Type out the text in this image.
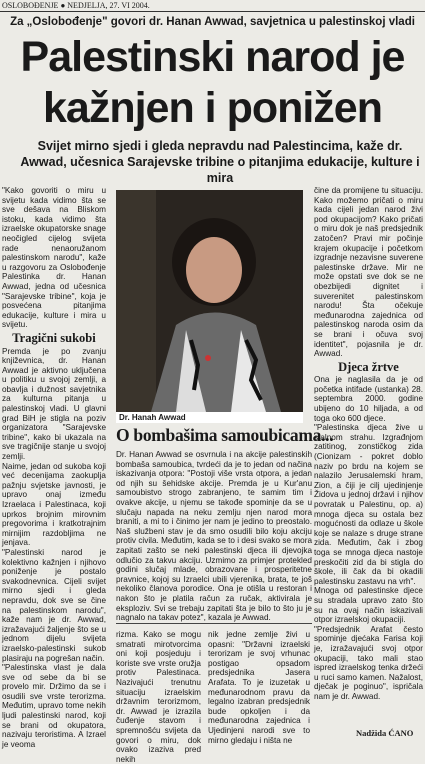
OSLOBOĐENJE ● NEDJELJA, 27. VI 2004.
Za „Oslobođenje" govori dr. Hanan Awwad, savjetnica u palestinskoj vladi
Palestinski narod je
kažnjen i ponižen
Svijet mirno sjedi i gleda nepravdu nad Palestincima, kaže dr. Awwad, učesnica Sarajevske tribine o pitanjima edukacije, kulture i mira

"Kako govoriti o miru u svijetu kada vidimo šta se sve dešava na Bliskom istoku, kada vidimo šta izraelske okupatorske snage neočigled cijelog svijeta rade nenaoružanom palestinskom narodu", kaže u razgovoru za Oslobođenje Palestinka dr. Hanan Awwad, jedna od učesnica "Sarajevske tribine", koja je posvećena pitanjima edukacije, kulture i mira u svijetu.

Tragični sukobi

Premda je po zvanju književnica, dr. Hanan Awwad je aktivno uključena u politiku u svojoj zemlji, a obavlja i dužnost savjetnika za kulturna pitanja u palestinskoj vladi. U glavni grad BiH je stigla na poziv organizatora "Sarajevske tribine", kako bi ukazala na sve tragičnije stanje u svojoj zemlji.

Naime, jedan od sukoba koji već decenijama zaokuplja pažnju svjetske javnosti, je upravo onaj između Izraelaca i Palestinaca, koji uprkos brojnim mirovnim pregovorima i kratkotrajnim mirnijim razdobljima ne jenjava.

"Palestinski narod je kolektivno kažnjen i njihovo poniženje je postalo svakodnevnica. Cijeli svijet mirno sjedi i gleda nepravdu, dok sve se čine na palestinskom narodu", kaže nam je dr. Awwad, izražavajući žaljenje što se u jednom dijelu svijeta izraelsko-palestinski sukob plasiraju na pogrešan način.

"Palestinska vlast je dala sve od sebe da bi se provelo mir. Držimo da se i osudili sve vrste terorizma. Međutim, upravo tome nekih ljudi palestinski narod, koji se brani od okupatora, nazivaju teroristima. A Izrael je veoma

Dr. Hanah Awwad
O bombašima samoubicama...
Dr. Hanan Awwad se osvrnula i na akcije palestinskih bombaša samoubica, tvrdeći da je to jedan od načina iskazivanja otpora: "Postoji više vrsta otpora, a jedan od njih su šehidske akcije. Premda je u Kur'anu samoubistvo strogo zabranjeno, te samim tim i ovakve akcije, u njemu se takođe spominje da se u slučaju napada na neku zemlju njen narod mora braniti, a mi to i činimo jer nam je jedino to preostalo. Naš službeni stav je da smo osudili bilo koju akciju protiv civila. Međutim, kada se to i desi svako se mora zapitati zašto se neki palestinski djeca ili djevojka odlučio za takvu akciju. Uzmimo za primjer protekled godini slučaj mlade, obrazovane i prosperitetne pravnice, kojoj su Izraelci ubili vjerenika, brata, te još nekoliko članova porodice. Ona je otišla u restoran i nakon što je platila račun za ručak, aktivirala je eksploziv. Svi se trebaju zapitati šta je bilo to što ju je nagnalo na takav potez", kazala je Awwad.

rizma. Kako se mogu smatrati mirotvorcima oni koji posjeduju i koriste sve vrste oružja protiv Palestinaca. Nazivajući trenutnu situaciju izraelskim državnim terorizmom, dr. Awwad je izrazila čuđenje stavom i spremnošću svijeta da govori o miru, dok ovako izaziva pred nekih

nik jedne zemlje živi u opasni: "Državni izraelski terorizam je svoj vrhunac postigao opsadom predsjednika Jasera Arafata. To je izuzetak u međunarodnom pravu da legalno izabran predsjednik bude opkoljen i da međunarodna zajednica i Ujedinjeni narodi sve to mirno gledaju i ništa ne

čine da promijene tu situaciju. Kako možemo pričati o miru kada cijeli jedan narod živi pod okupacijom? Kako pričati o miru dok je naš predsjednik zatočen? Pravi mir počinje krajem okupacije i početkom izgradnje nezavisne suverene palestinske države. Mir ne može opstati sve dok se ne obezbijedi dignitet i suverenitet palestinskom narodu! Šta očekuje međunarodna zajednica od palestinskog naroda osim da se brani i očuva svoj identitet", pojasnila je dr. Awwad.

Djeca žrtve

Ona je naglasila da je od početka intifade (ustanka) 28. septembra 2000. godine ubijeno do 10 hiljada, a od toga oko 600 djece.

"Palestinska djeca žive u stalnom strahu. Izgrađnjom zatitinog, zonstičkog zida (Cionizam - pokret doblo naziv po brdu na kojem se nalazilo Jerusalemski hram, Zion, a čiji je cilj ujedinjenje Židova u jednoj državi i njihov povratak u Palestinu, op. a) mnoga djeca su ostala bez mogućnosti da odlaze u škole koje se nalaze s druge strane zida. Međutim, čak i zbog toga se mnoga djeca nastoje preskočiti zid da bi stigla do škole, ili čak da bi okadili palestinsku zastavu na vrh".

Mnoga od palestinske djece su stradala upravo zato što su na ovaj način iskazivali otpor izraelskoj okupaciji.

"Predsjednik Arafat često spominje djećaka Farisa koji je, izražavajući svoj otpor okupaciji, tako mali stao ispred izraelskog tenka držeći u ruci samo kamen. Nažalost, dječak je poginuo", ispričala nam je dr. Awwad.

Nadžida ĆANO
